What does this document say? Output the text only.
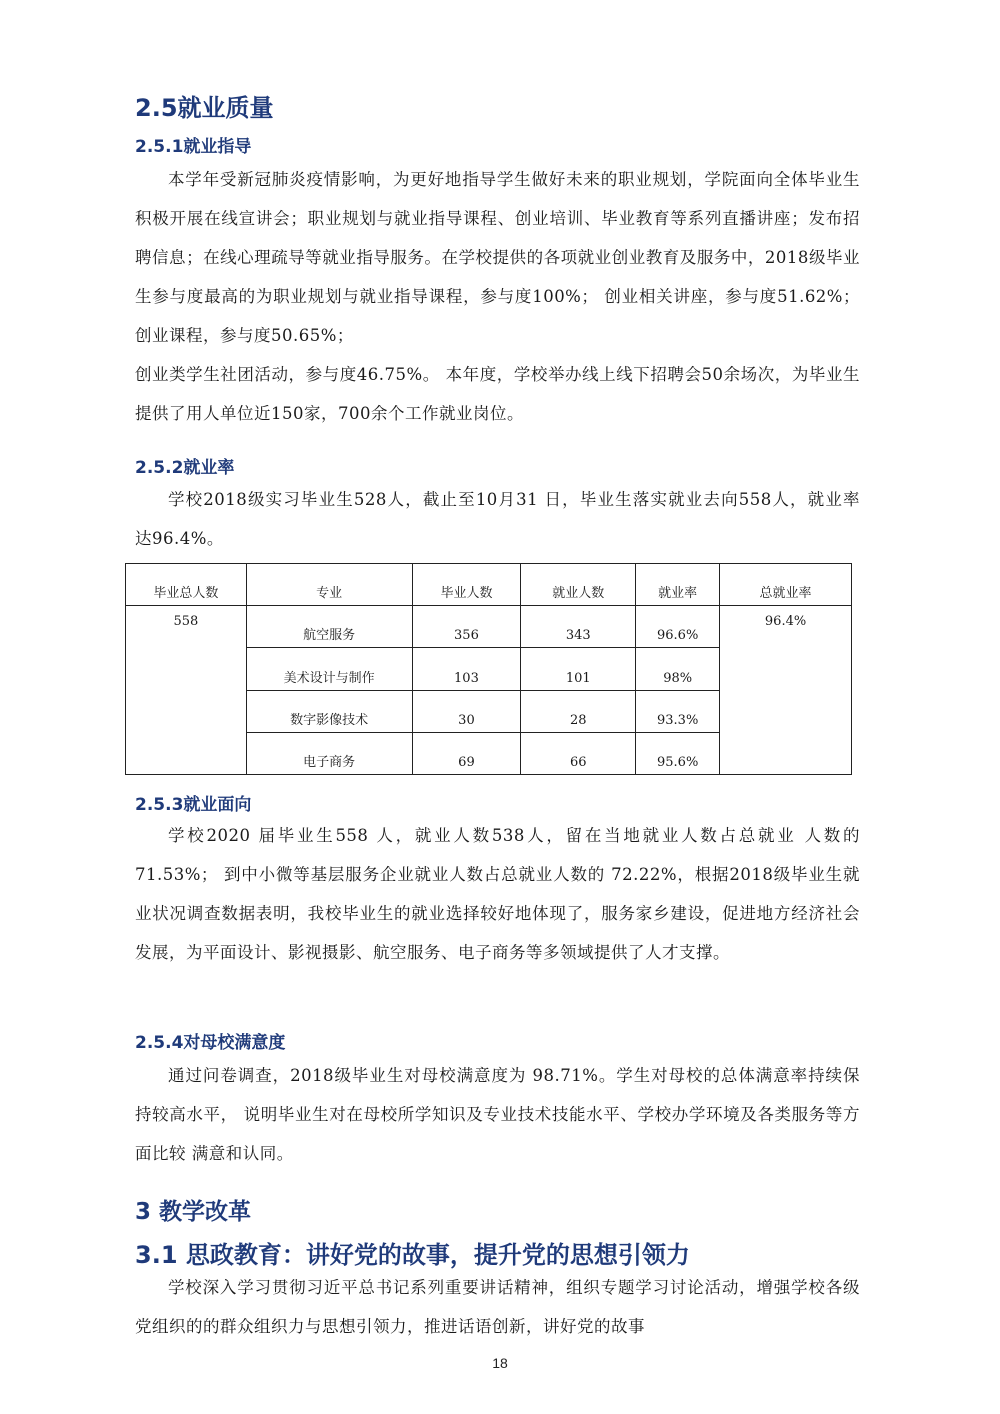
2.5就业质量
2.5.1就业指导

本学年受新冠肺炎疫情影响，为更好地指导学生做好未来的职业规划，学院面向全体毕业生积极开展在线宣讲会；职业规划与就业指导课程、创业培训、毕业教育等系列直播讲座；发布招聘信息；在线心理疏导等就业指导服务。在学校提供的各项就业创业教育及服务中，2018级毕业生参与度最高的为职业规划与就业指导课程，参与度100%； 创业相关讲座，参与度51.62%； 创业课程，参与度50.65%；

创业类学生社团活动，参与度46.75%。 本年度，学校举办线上线下招聘会50余场次，为毕业生提供了用人单位近150家，700余个工作就业岗位。

2.5.2就业率

学校2018级实习毕业生528人，截止至10月31 日，毕业生落实就业去向558人，就业率 达96.4%。

毕业总人数	专业	毕业人数	就业人数	就业率	总就业率
558	航空服务	356	343	96.6%	96.4%
	美术设计与制作	103	101	98%	
	数字影像技术	30	28	93.3%	
	电子商务	69	66	95.6%	
2.5.3就业面向

学校2020 届毕业生558 人，就业人数538人，留在当地就业人数占总就业 人数的71.53%； 到中小微等基层服务企业就业人数占总就业人数的 72.22%，根据2018级毕业生就业状况调查数据表明，我校毕业生的就业选择较好地体现了，服务家乡建设，促进地方经济社会发展，为平面设计、影视摄影、航空服务、电子商务等多领域提供了人才支撑。

2.5.4对母校满意度

通过问卷调查，2018级毕业生对母校满意度为 98.71%。学生对母校的总体满意率持续保持较高水平， 说明毕业生对在母校所学知识及专业技术技能水平、学校办学环境及各类服务等方面比较 满意和认同。

3 教学改革
3.1 思政教育：讲好党的故事，提升党的思想引领力

学校深入学习贯彻习近平总书记系列重要讲话精神，组织专题学习讨论活动，增强学校各级党组织的的群众组织力与思想引领力，推进话语创新，讲好党的故事

18
